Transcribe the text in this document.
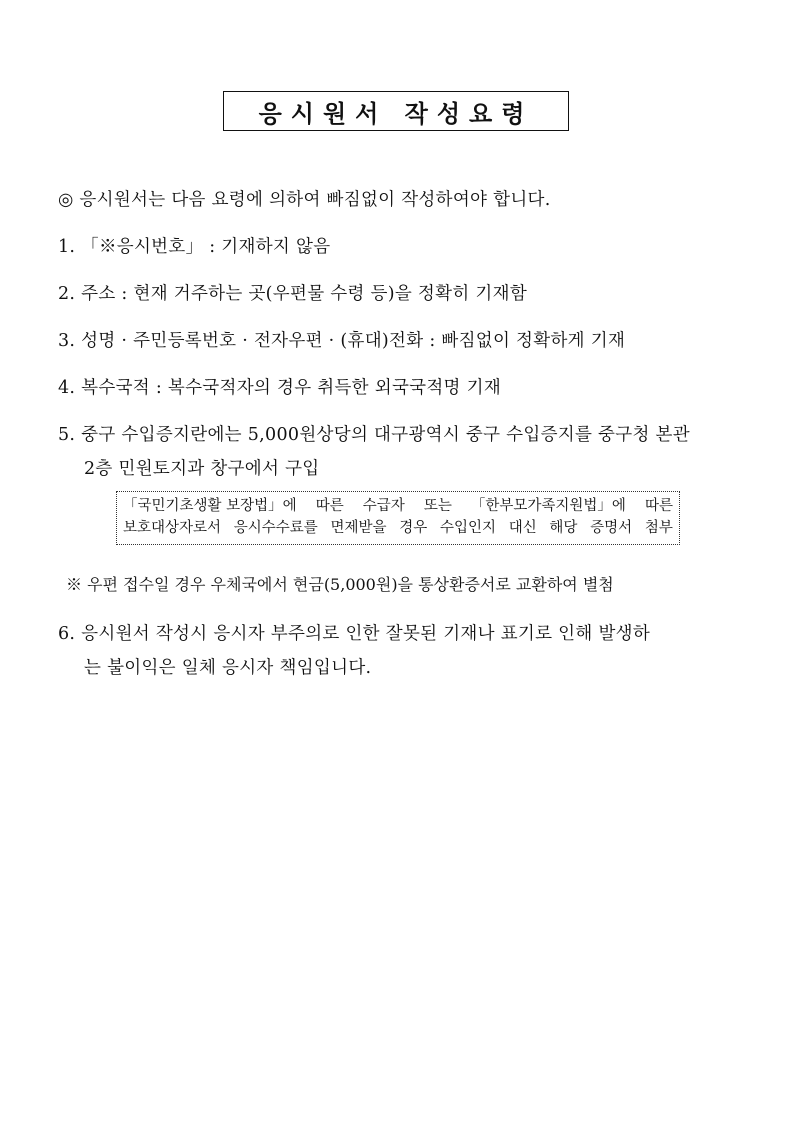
응시원서 작성요령
◎ 응시원서는 다음 요령에 의하여 빠짐없이 작성하여야 합니다.
1. 「※응시번호」 : 기재하지 않음
2. 주소 : 현재 거주하는 곳(우편물 수령 등)을 정확히 기재함
3. 성명 · 주민등록번호 · 전자우편 · (휴대)전화 : 빠짐없이 정확하게 기재
4. 복수국적 : 복수국적자의 경우 취득한 외국국적명 기재
5. 중구 수입증지란에는 5,000원상당의 대구광역시 중구 수입증지를 중구청 본관
2층 민원토지과 창구에서 구입
「국민기초생활 보장법」에 따른 수급자 또는 「한부모가족지원법」에 따른
보호대상자로서 응시수수료를 면제받을 경우 수입인지 대신 해당 증명서 첨부
※ 우편 접수일 경우 우체국에서 현금(5,000원)을 통상환증서로 교환하여 별첨
6. 응시원서 작성시 응시자 부주의로 인한 잘못된 기재나 표기로 인해 발생하
는 불이익은 일체 응시자 책임입니다.
